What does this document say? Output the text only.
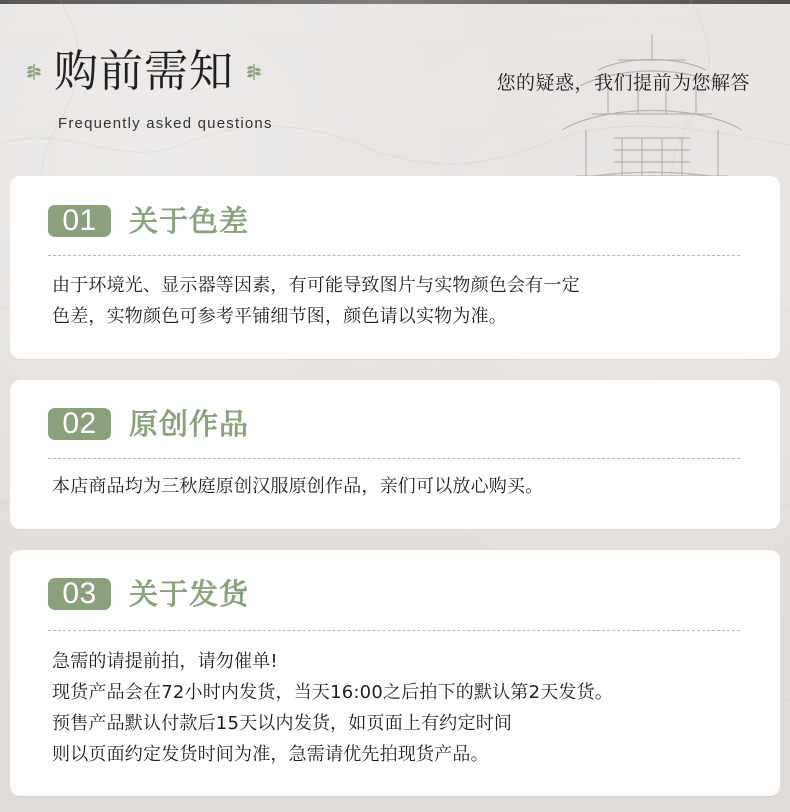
购前需知
Frequently asked questions
您的疑惑，我们提前为您解答
01	关于色差
由于环境光、显示器等因素，有可能导致图片与实物颜色会有一定
色差，实物颜色可参考平铺细节图，颜色请以实物为准。
02	原创作品
本店商品均为三秋庭原创汉服原创作品，亲们可以放心购买。
03	关于发货
急需的请提前拍，请勿催单!
现货产品会在72小时内发货，当天16:00之后拍下的默认第2天发货。
预售产品默认付款后15天以内发货，如页面上有约定时间
则以页面约定发货时间为准，急需请优先拍现货产品。
